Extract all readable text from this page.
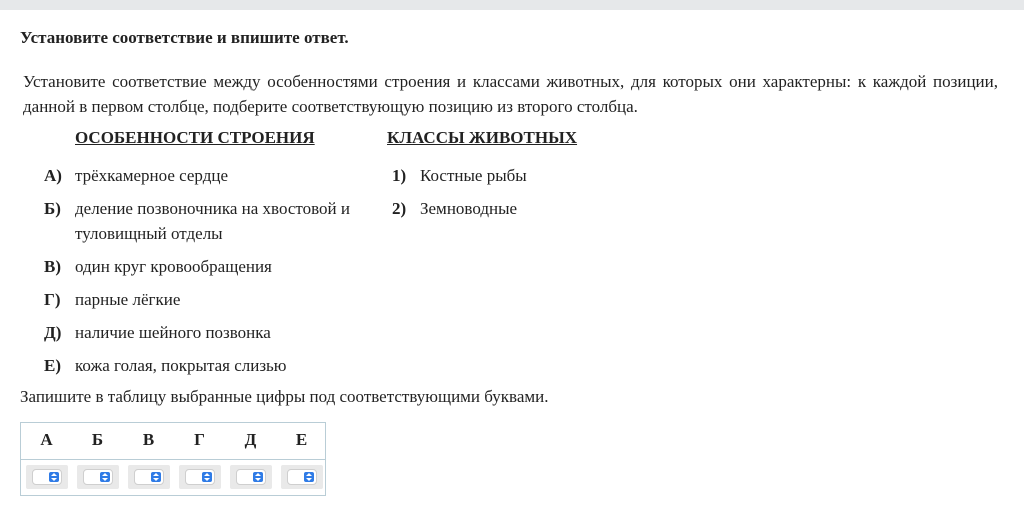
Установите соответствие и впишите ответ.

Установите соответствие между особенностями строения и классами животных, для которых они характерны: к каждой позиции, данной в первом столбце, подберите соответствующую позицию из второго столбца.

ОСОБЕННОСТИ СТРОЕНИЯ	КЛАССЫ ЖИВОТНЫХ

А) трёхкамерное сердце
Б) деление позвоночника на хвостовой и туловищный отделы
В) один круг кровообращения
Г) парные лёгкие
Д) наличие шейного позвонка
Е) кожа голая, покрытая слизью
1) Костные рыбы
2) Земноводные

Запишите в таблицу выбранные цифры под соответствующими буквами.

А	Б	В	Г	Д	Е
